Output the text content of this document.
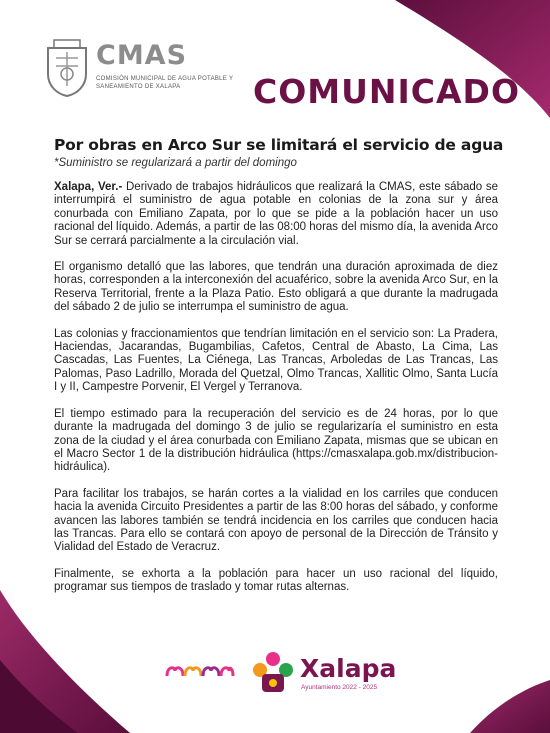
CMAS
COMISIÓN MUNICIPAL DE AGUA POTABLE Y SANEAMIENTO DE XALAPA	COMUNICADO
Por obras en Arco Sur se limitará el servicio de agua
*Suministro se regularizará a partir del domingo

Xalapa, Ver.- Derivado de trabajos hidráulicos que realizará la CMAS, este sábado se interrumpirá el suministro de agua potable en colonias de la zona sur y área conurbada con Emiliano Zapata, por lo que se pide a la población hacer un uso racional del líquido. Además, a partir de las 08:00 horas del mismo día, la avenida Arco Sur se cerrará parcialmente a la circulación vial.

El organismo detalló que las labores, que tendrán una duración aproximada de diez horas, corresponden a la interconexión del acuaférico, sobre la avenida Arco Sur, en la Reserva Territorial, frente a la Plaza Patio. Esto obligará a que durante la madrugada del sábado 2 de julio se interrumpa el suministro de agua.

Las colonias y fraccionamientos que tendrían limitación en el servicio son: La Pradera, Haciendas, Jacarandas, Bugambilias, Cafetos, Central de Abasto, La Cima, Las Cascadas, Las Fuentes, La Ciénega, Las Trancas, Arboledas de Las Trancas, Las Palomas, Paso Ladrillo, Morada del Quetzal, Olmo Trancas, Xallitic Olmo, Santa Lucía I y II, Campestre Porvenir, El Vergel y Terranova.

El tiempo estimado para la recuperación del servicio es de 24 horas, por lo que durante la madrugada del domingo 3 de julio se regularizaría el suministro en esta zona de la ciudad y el área conurbada con Emiliano Zapata, mismas que se ubican en el Macro Sector 1 de la distribución hidráulica (https://cmasxalapa.gob.mx/distribucion-hidráulica).

Para facilitar los trabajos, se harán cortes a la vialidad en los carriles que conducen hacia la avenida Circuito Presidentes a partir de las 8:00 horas del sábado, y conforme avancen las labores también se tendrá incidencia en los carriles que conducen hacia las Trancas. Para ello se contará con apoyo de personal de la Dirección de Tránsito y Vialidad del Estado de Veracruz.

Finalmente, se exhorta a la población para hacer un uso racional del líquido, programar sus tiempos de traslado y tomar rutas alternas.

Xalapa
Ayuntamiento 2022 - 2025
